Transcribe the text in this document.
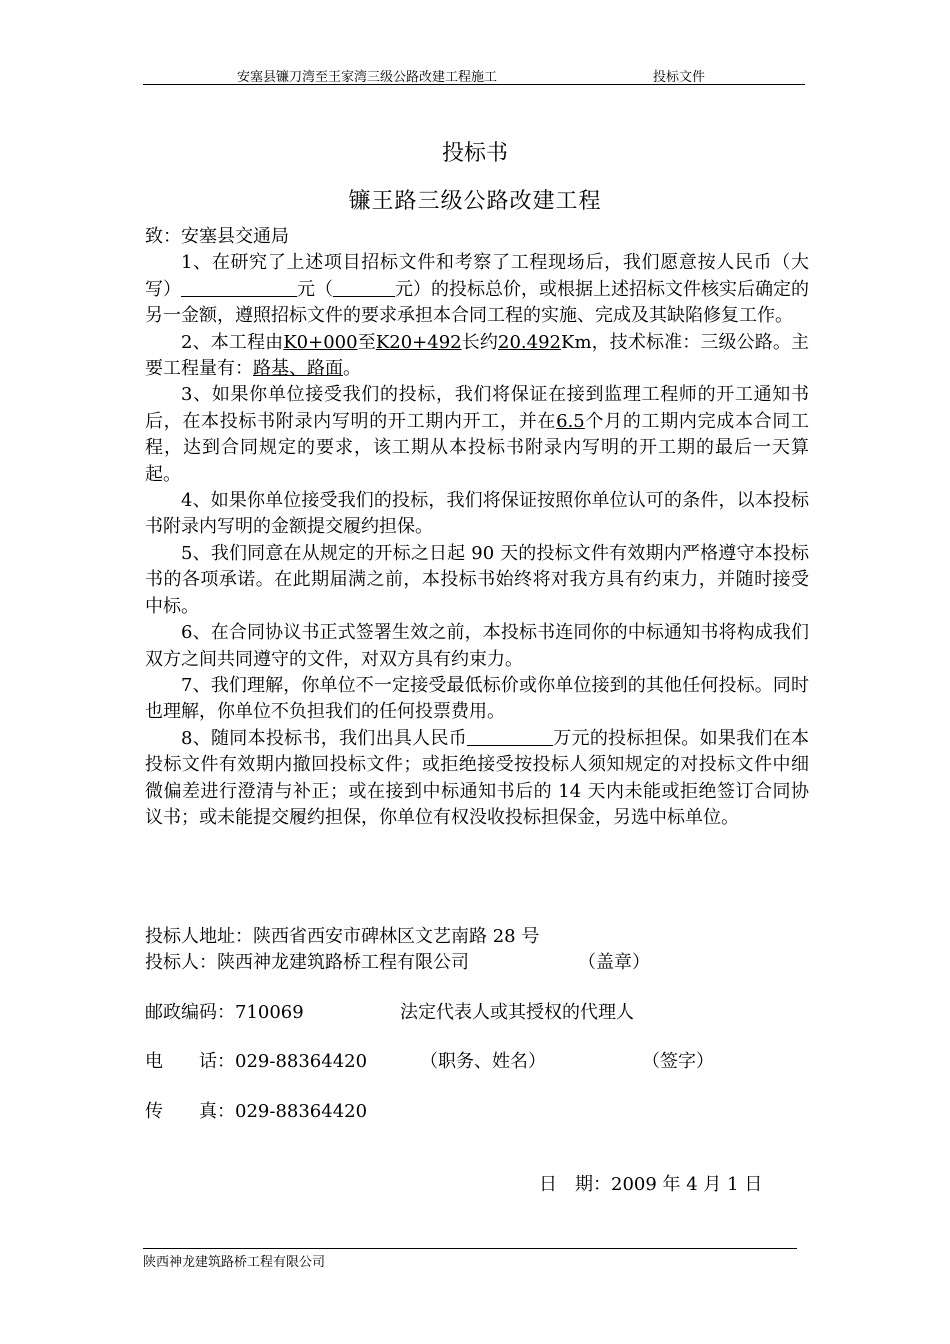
安塞县镰刀湾至王家湾三级公路改建工程施工	投标文件
投标书
镰王路三级公路改建工程

致：安塞县交通局

1、在研究了上述项目招标文件和考察了工程现场后，我们愿意按人民币（大写）	元（	元）的投标总价，或根据上述招标文件核实后确定的另一金额，遵照招标文件的要求承担本合同工程的实施、完成及其缺陷修复工作。

2、本工程由K0+000至K20+492长约20.492Km，技术标准：三级公路。主要工程量有：路基、路面。

3、如果你单位接受我们的投标，我们将保证在接到监理工程师的开工通知书后，在本投标书附录内写明的开工期内开工，并在6.5个月的工期内完成本合同工程，达到合同规定的要求，该工期从本投标书附录内写明的开工期的最后一天算起。

4、如果你单位接受我们的投标，我们将保证按照你单位认可的条件，以本投标书附录内写明的金额提交履约担保。

5、我们同意在从规定的开标之日起 90 天的投标文件有效期内严格遵守本投标书的各项承诺。在此期届满之前，本投标书始终将对我方具有约束力，并随时接受中标。

6、在合同协议书正式签署生效之前，本投标书连同你的中标通知书将构成我们双方之间共同遵守的文件，对双方具有约束力。

7、我们理解，你单位不一定接受最低标价或你单位接到的其他任何投标。同时也理解，你单位不负担我们的任何投票费用。

8、随同本投标书，我们出具人民币	万元的投标担保。如果我们在本投标文件有效期内撤回投标文件；或拒绝接受按投标人须知规定的对投标文件中细微偏差进行澄清与补正；或在接到中标通知书后的 14 天内未能或拒绝签订合同协议书；或未能提交履约担保，你单位有权没收投标担保金，另选中标单位。

投标人地址：陕西省西安市碑林区文艺南路 28 号
投标人：陕西神龙建筑路桥工程有限公司	（盖章）
邮政编码：710069	法定代表人或其授权的代理人
电　　话：029-88364420	（职务、姓名）	（签字）
传　　真：029-88364420
日　期：2009 年 4 月 1 日
陕西神龙建筑路桥工程有限公司
